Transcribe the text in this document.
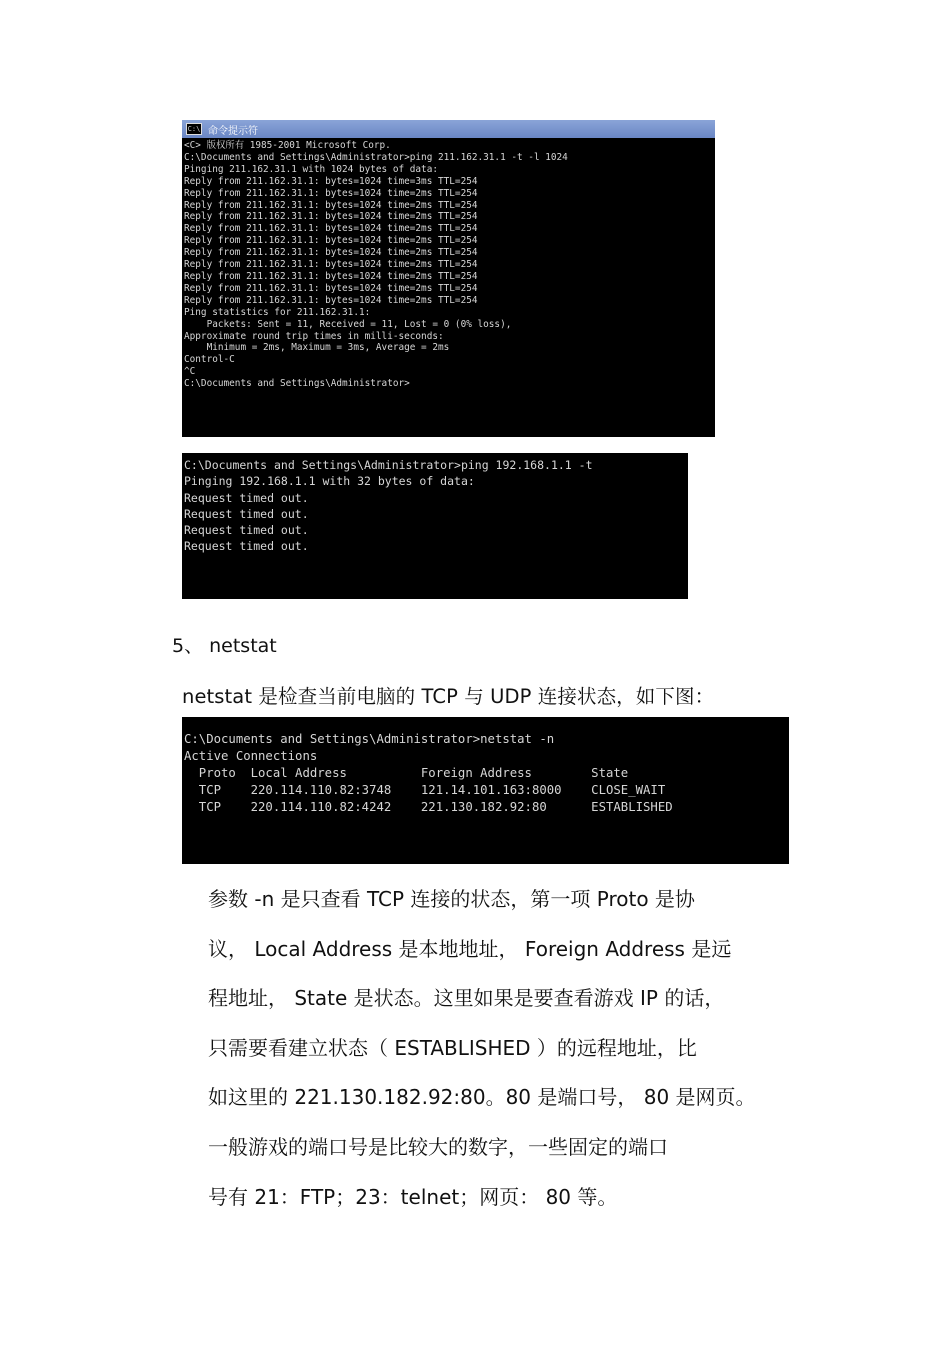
C:\ 命令提示符
<C> 版权所有 1985-2001 Microsoft Corp.
C:\Documents and Settings\Administrator>ping 211.162.31.1 -t -l 1024
Pinging 211.162.31.1 with 1024 bytes of data:
Reply from 211.162.31.1: bytes=1024 time=3ms TTL=254
Reply from 211.162.31.1: bytes=1024 time=2ms TTL=254
Reply from 211.162.31.1: bytes=1024 time=2ms TTL=254
Reply from 211.162.31.1: bytes=1024 time=2ms TTL=254
Reply from 211.162.31.1: bytes=1024 time=2ms TTL=254
Reply from 211.162.31.1: bytes=1024 time=2ms TTL=254
Reply from 211.162.31.1: bytes=1024 time=2ms TTL=254
Reply from 211.162.31.1: bytes=1024 time=2ms TTL=254
Reply from 211.162.31.1: bytes=1024 time=2ms TTL=254
Reply from 211.162.31.1: bytes=1024 time=2ms TTL=254
Reply from 211.162.31.1: bytes=1024 time=2ms TTL=254
Ping statistics for 211.162.31.1:
Packets: Sent = 11, Received = 11, Lost = 0 (0% loss),
Approximate round trip times in milli-seconds:
Minimum = 2ms, Maximum = 3ms, Average = 2ms
Control-C
^C
C:\Documents and Settings\Administrator>
C:\Documents and Settings\Administrator>ping 192.168.1.1 -t
Pinging 192.168.1.1 with 32 bytes of data:
Request timed out.
Request timed out.
Request timed out.
Request timed out.
5、 netstat
netstat 是检查当前电脑的 TCP 与 UDP 连接状态，如下图：
C:\Documents and Settings\Administrator>netstat -n
Active Connections
Proto  Local Address          Foreign Address        State
TCP    220.114.110.82:3748    121.14.101.163:8000    CLOSE_WAIT
TCP    220.114.110.82:4242    221.130.182.92:80      ESTABLISHED
参数 -n 是只查看 TCP 连接的状态，第一项 Proto 是协
议， Local Address 是本地地址， Foreign Address 是远
程地址， State 是状态。这里如果是要查看游戏 IP 的话，
只需要看建立状态（ ESTABLISHED ）的远程地址，比
如这里的 221.130.182.92:80。80 是端口号， 80 是网页。
一般游戏的端口号是比较大的数字，一些固定的端口
号有 21：FTP；23：telnet；网页： 80 等。
